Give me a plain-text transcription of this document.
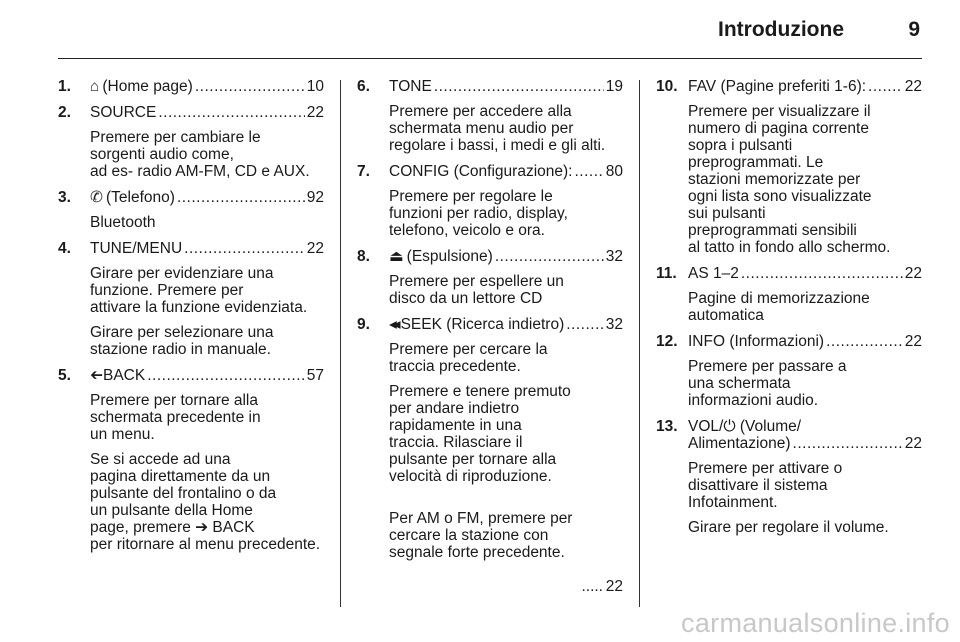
Introduzione	9
1.	⌂ (Home page) .....	10
2.	SOURCE .....	22
Premere per cambiare le
sorgenti audio come,
ad es- radio AM-FM, CD e AUX.
3.	✆ (Telefono) .....	92
Bluetooth
4.	TUNE/MENU .....	22
Girare per evidenziare una
funzione. Premere per
attivare la funzione evidenziata.
Girare per selezionare una
stazione radio in manuale.
5.	➔BACK .....	57
Premere per tornare alla
schermata precedente in
un menu.
Se si accede ad una
pagina direttamente da un
pulsante del frontalino o da
un pulsante della Home
page, premere ➔ BACK
per ritornare al menu precedente.
6.	TONE .....	19
Premere per accedere alla
schermata menu audio per
regolare i bassi, i medi e gli alti.
7.	CONFIG (Configurazione): ..... 80
Premere per regolare le
funzioni per radio, display,
telefono, veicolo e ora.
8.	⏏ (Espulsione) .....	32
Premere per espellere un
disco da un lettore CD
9.	◂◂ SEEK (Ricerca indietro) .....	32
Premere per cercare la
traccia precedente.
Premere e tenere premuto
per andare indietro
rapidamente in una
traccia. Rilasciare il
pulsante per tornare alla
velocità di riproduzione.

Per AM o FM, premere per
cercare la stazione con
segnale forte precedente.

22

.....

10. FAV (Pagine preferiti 1-6): ..... 22
Premere per visualizzare il
numero di pagina corrente
sopra i pulsanti
preprogrammati. Le
stazioni memorizzate per
ogni lista sono visualizzate
sui pulsanti
preprogrammati sensibili
al tatto in fondo allo schermo.
11. AS 1–2 .....	22
Pagine di memorizzazione
automatica
12. INFO (Informazioni) .....	22
Premere per passare a
una schermata
informazioni audio.
13. VOL/⏻ (Volume/
Alimentazione) .....	22
Premere per attivare o
disattivare il sistema
Infotainment.
Girare per regolare il volume.
carmanualsonline.info
